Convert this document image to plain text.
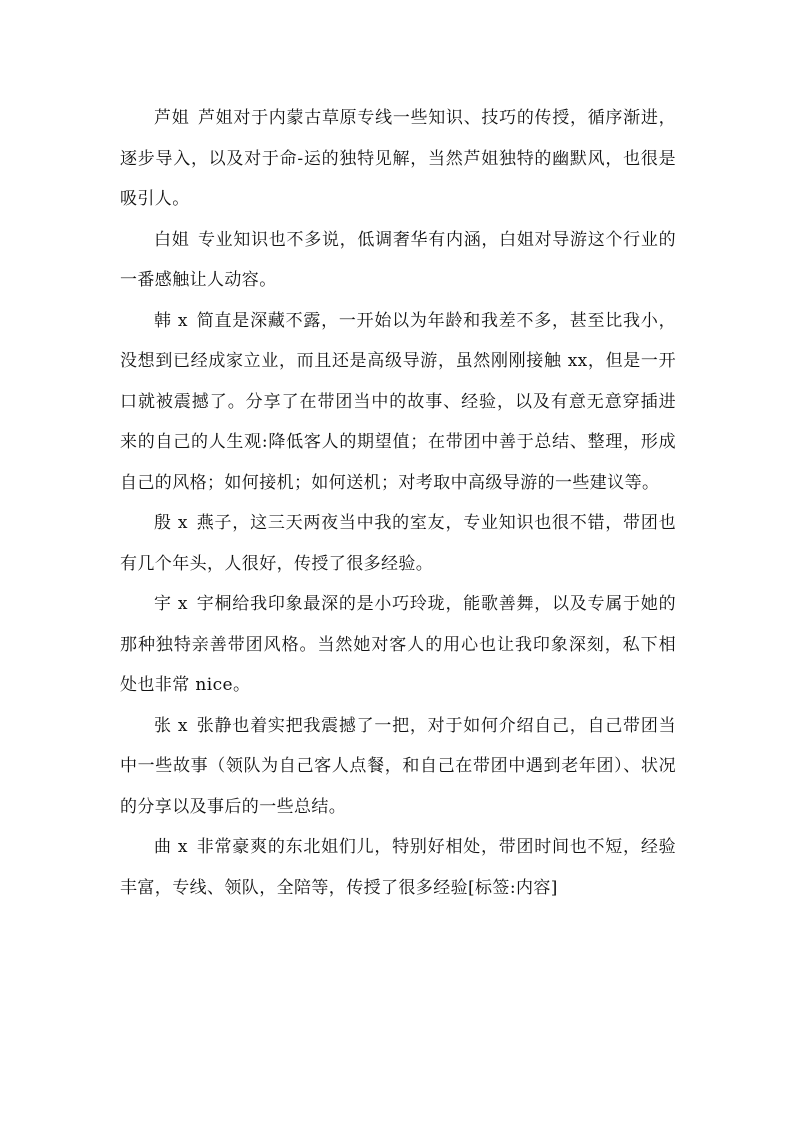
芦姐 芦姐对于内蒙古草原专线一些知识、技巧的传授，循序渐进，逐步导入，以及对于命-运的独特见解，当然芦姐独特的幽默风，也很是吸引人。

白姐 专业知识也不多说，低调奢华有内涵，白姐对导游这个行业的一番感触让人动容。

韩 x 简直是深藏不露，一开始以为年龄和我差不多，甚至比我小，没想到已经成家立业，而且还是高级导游，虽然刚刚接触 xx，但是一开口就被震撼了。分享了在带团当中的故事、经验，以及有意无意穿插进来的自己的人生观:降低客人的期望值；在带团中善于总结、整理，形成自己的风格；如何接机；如何送机；对考取中高级导游的一些建议等。

殷 x 燕子，这三天两夜当中我的室友，专业知识也很不错，带团也有几个年头，人很好，传授了很多经验。

宇 x 宇桐给我印象最深的是小巧玲珑，能歌善舞，以及专属于她的那种独特亲善带团风格。当然她对客人的用心也让我印象深刻，私下相处也非常 nice。

张 x 张静也着实把我震撼了一把，对于如何介绍自己，自己带团当中一些故事（领队为自己客人点餐，和自己在带团中遇到老年团）、状况的分享以及事后的一些总结。

曲 x 非常豪爽的东北姐们儿，特别好相处，带团时间也不短，经验丰富，专线、领队，全陪等，传授了很多经验[标签:内容]
